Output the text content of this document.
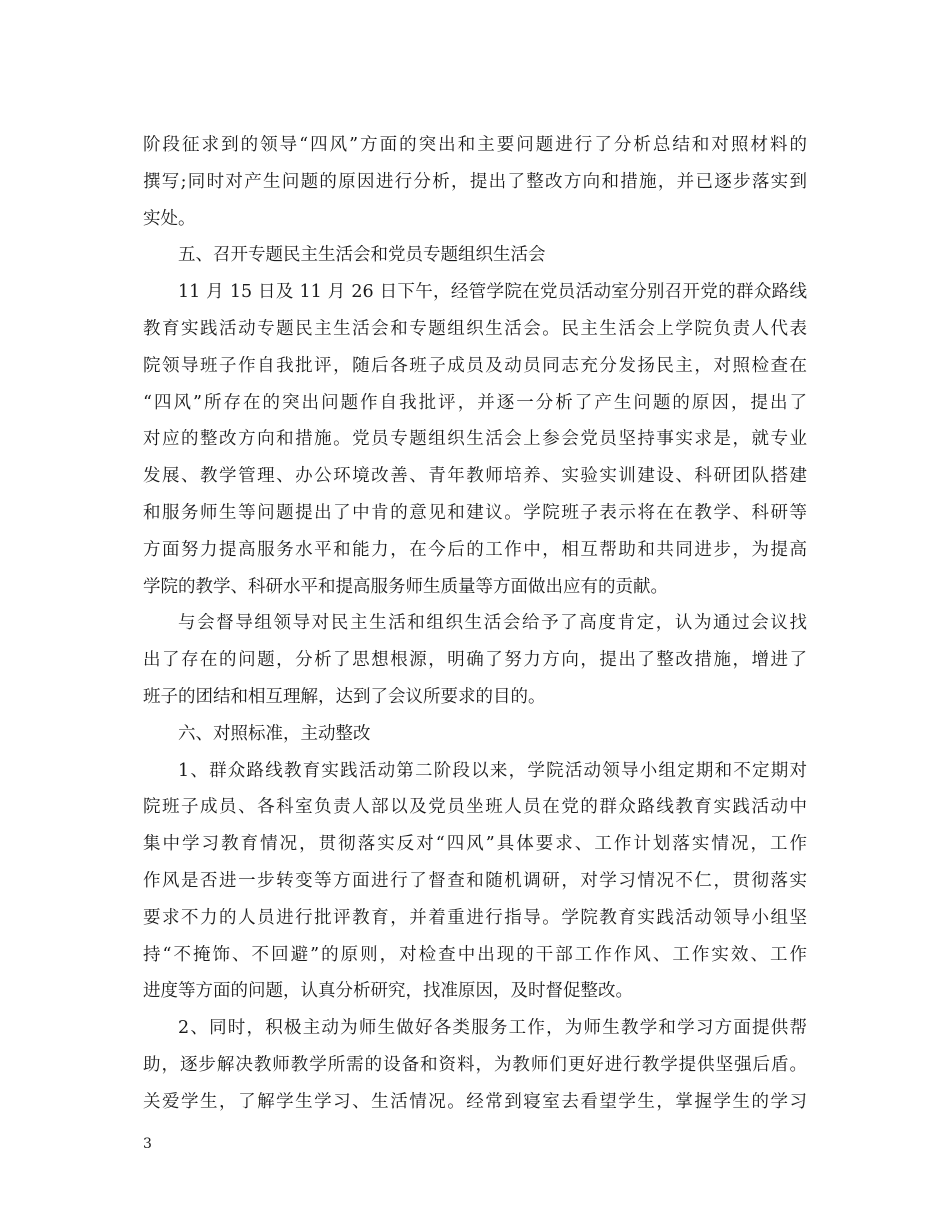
阶段征求到的领导“四风”方面的突出和主要问题进行了分析总结和对照材料的
撰写;同时对产生问题的原因进行分析，提出了整改方向和措施，并已逐步落实到
实处。
五、召开专题民主生活会和党员专题组织生活会
11 月 15 日及 11 月 26 日下午，经管学院在党员活动室分别召开党的群众路线
教育实践活动专题民主生活会和专题组织生活会。民主生活会上学院负责人代表
院领导班子作自我批评，随后各班子成员及动员同志充分发扬民主，对照检查在
“四风”所存在的突出问题作自我批评，并逐一分析了产生问题的原因，提出了
对应的整改方向和措施。党员专题组织生活会上参会党员坚持事实求是，就专业
发展、教学管理、办公环境改善、青年教师培养、实验实训建设、科研团队搭建
和服务师生等问题提出了中肯的意见和建议。学院班子表示将在在教学、科研等
方面努力提高服务水平和能力，在今后的工作中，相互帮助和共同进步，为提高
学院的教学、科研水平和提高服务师生质量等方面做出应有的贡献。
与会督导组领导对民主生活和组织生活会给予了高度肯定，认为通过会议找
出了存在的问题，分析了思想根源，明确了努力方向，提出了整改措施，增进了
班子的团结和相互理解，达到了会议所要求的目的。
六、对照标准，主动整改
1、群众路线教育实践活动第二阶段以来，学院活动领导小组定期和不定期对
院班子成员、各科室负责人部以及党员坐班人员在党的群众路线教育实践活动中
集中学习教育情况，贯彻落实反对“四风”具体要求、工作计划落实情况，工作
作风是否进一步转变等方面进行了督查和随机调研，对学习情况不仁，贯彻落实
要求不力的人员进行批评教育，并着重进行指导。学院教育实践活动领导小组坚
持“不掩饰、不回避”的原则，对检查中出现的干部工作作风、工作实效、工作
进度等方面的问题，认真分析研究，找准原因，及时督促整改。
2、同时，积极主动为师生做好各类服务工作，为师生教学和学习方面提供帮
助，逐步解决教师教学所需的设备和资料，为教师们更好进行教学提供坚强后盾。
关爱学生，了解学生学习、生活情况。经常到寝室去看望学生，掌握学生的学习
3
